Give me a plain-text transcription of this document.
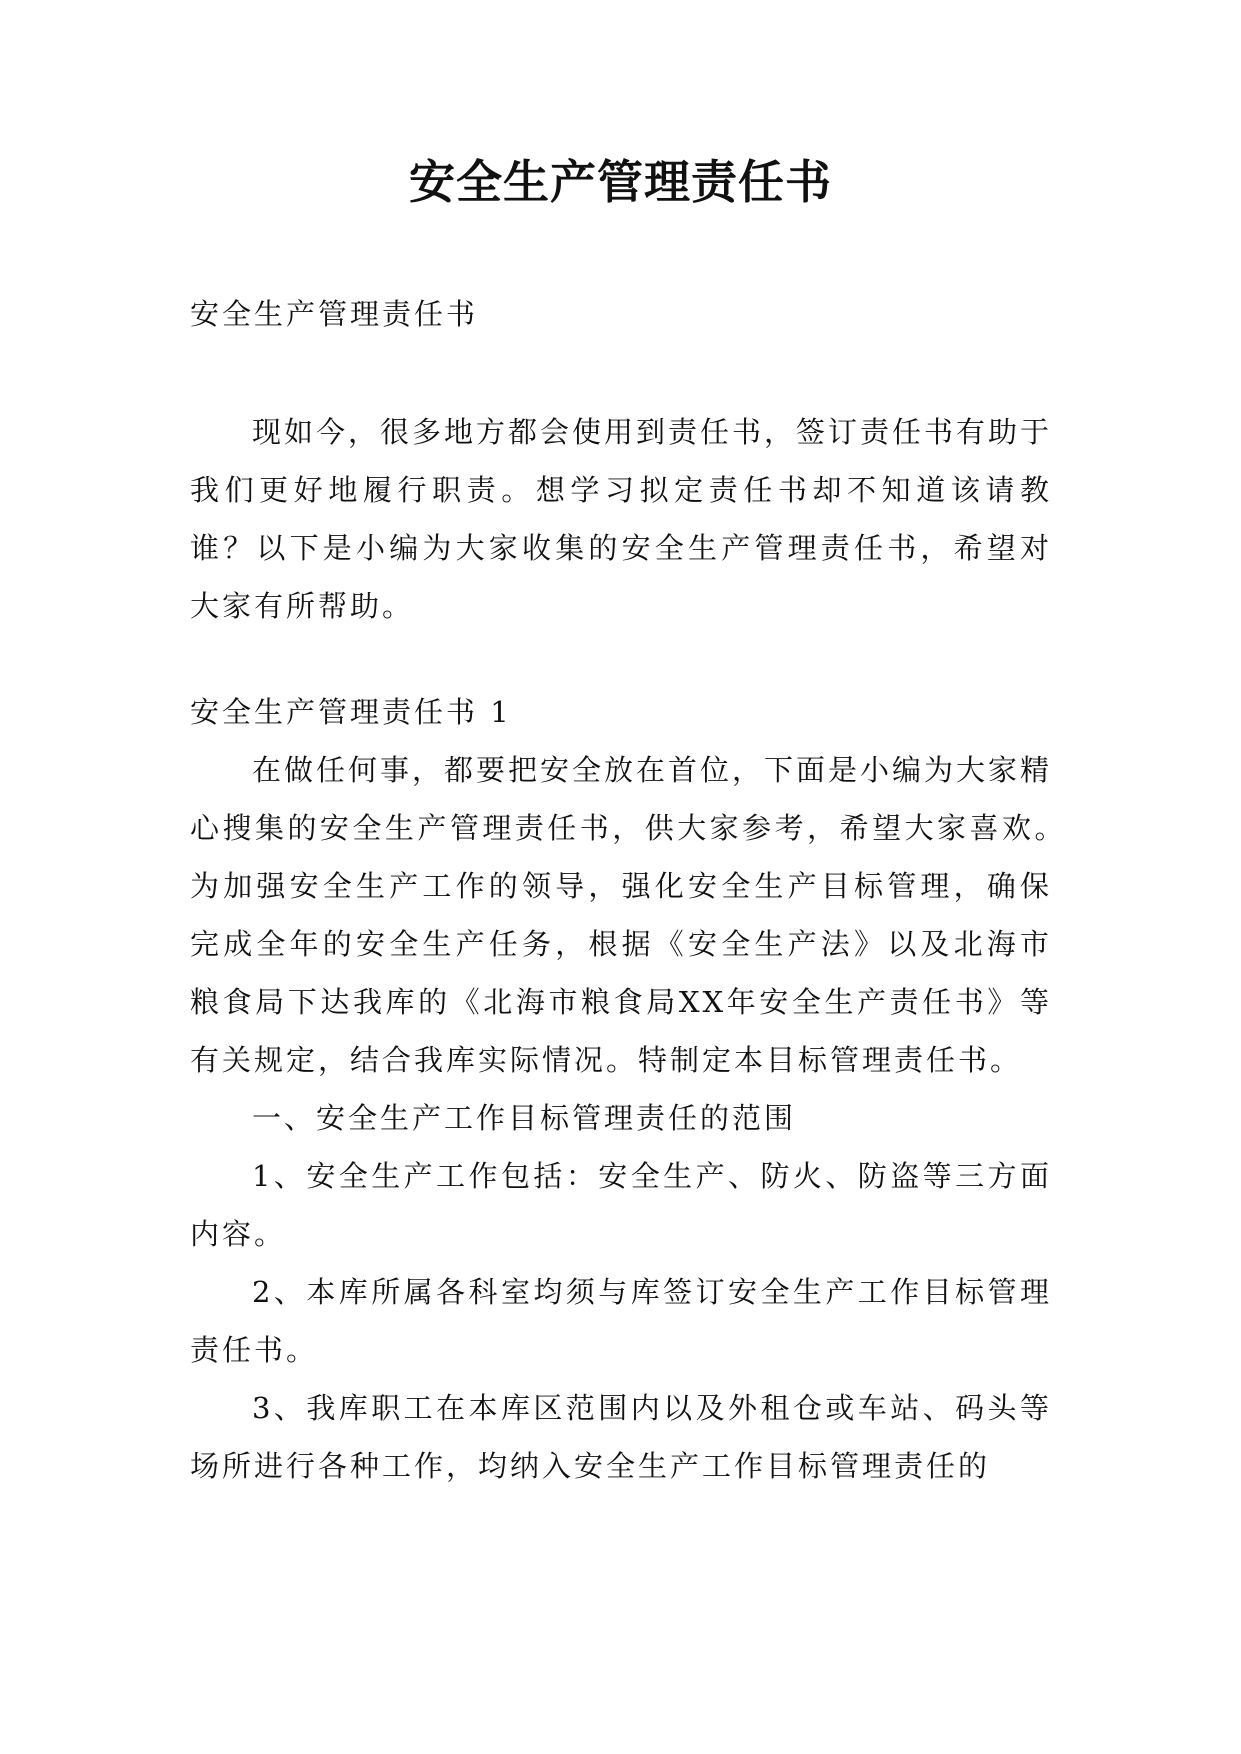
安全生产管理责任书

安全生产管理责任书

现如今，很多地方都会使用到责任书，签订责任书有助于我们更好地履行职责。想学习拟定责任书却不知道该请教谁？以下是小编为大家收集的安全生产管理责任书，希望对大家有所帮助。

安全生产管理责任书 1

在做任何事，都要把安全放在首位，下面是小编为大家精心搜集的安全生产管理责任书，供大家参考，希望大家喜欢。　　为加强安全生产工作的领导，强化安全生产目标管理，确保完成全年的安全生产任务，根据《安全生产法》以及北海市粮食局下达我库的《北海市粮食局XX年安全生产责任书》等有关规定，结合我库实际情况。特制定本目标管理责任书。

一、安全生产工作目标管理责任的范围

1、安全生产工作包括：安全生产、防火、防盗等三方面内容。

2、本库所属各科室均须与库签订安全生产工作目标管理责任书。

3、我库职工在本库区范围内以及外租仓或车站、码头等场所进行各种工作，均纳入安全生产工作目标管理责任的
